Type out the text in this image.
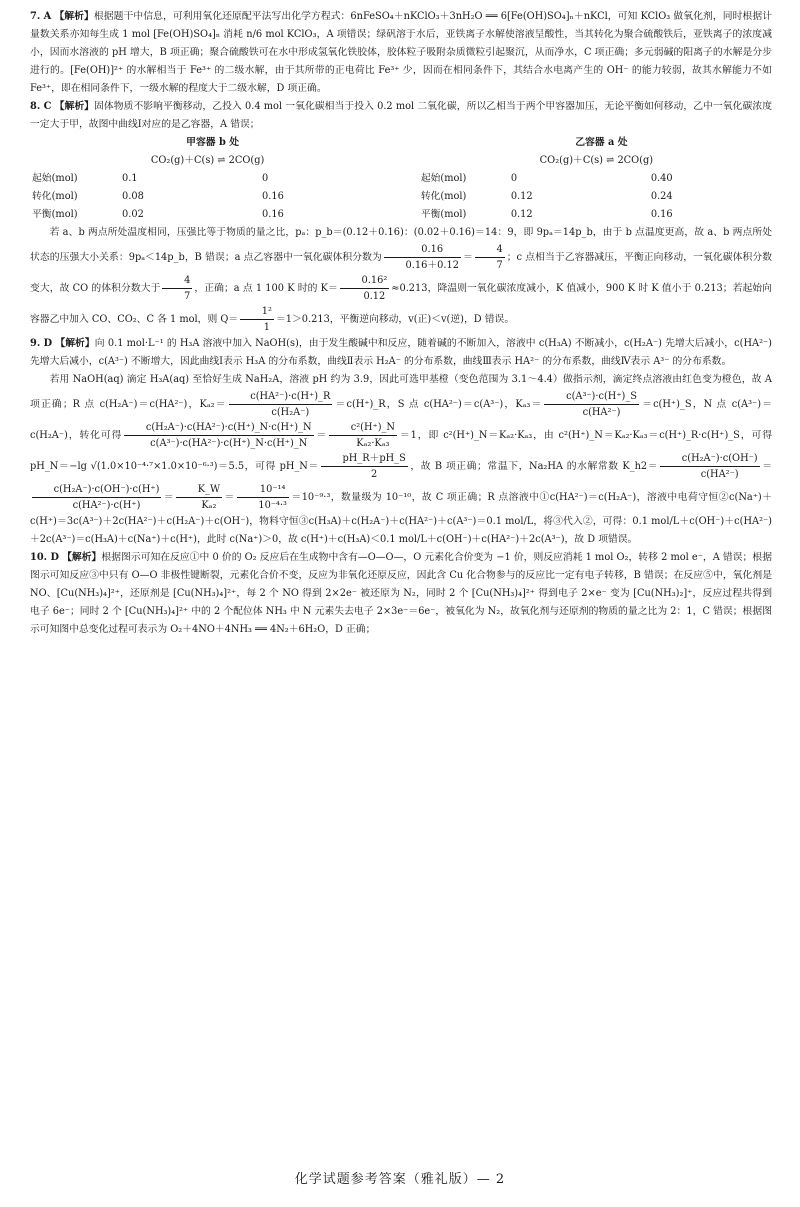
7. A 【解析】根据题干中信息，可利用氧化还原配平法写出化学方程式：6nFeSO₄＋nKClO₃＋3nH₂O ══ 6[Fe(OH)SO₄]ₙ＋nKCl，可知 KClO₃ 做氧化剂，同时根据计量数关系亦知每生成 1 mol [Fe(OH)SO₄]ₙ 消耗 n/6 mol KClO₃，A 项错误；绿矾溶于水后，亚铁离子水解使溶液呈酸性，当其转化为聚合硫酸铁后，亚铁离子的浓度减小，因而水溶液的 pH 增大，B 项正确；聚合硫酸铁可在水中形成氢氧化铁胶体，胶体粒子吸附杂质微粒引起聚沉，从而净水，C 项正确；多元弱碱的阳离子的水解是分步进行的。[Fe(OH)]²⁺ 的水解相当于 Fe³⁺ 的二级水解，由于其所带的正电荷比 Fe³⁺ 少，因而在相同条件下，其结合水电离产生的 OH⁻ 的能力较弱，故其水解能力不如 Fe³⁺，即在相同条件下，一级水解的程度大于二级水解，D 项正确。

8. C 【解析】固体物质不影响平衡移动，乙投入 0.4 mol 一氧化碳相当于投入 0.2 mol 二氧化碳，所以乙相当于两个甲容器加压，无论平衡如何移动，乙中一氧化碳浓度一定大于甲，故图中曲线Ⅰ对应的是乙容器，A 错误；

甲容器 b 处
CO₂(g)＋C(s) ⇌ 2CO(g)
起始(mol)	0.1	0
转化(mol)	0.08	0.16
平衡(mol)	0.02	0.16
乙容器 a 处
CO₂(g)＋C(s) ⇌ 2CO(g)
起始(mol)	0	0.40
转化(mol)	0.12	0.24
平衡(mol)	0.12	0.16

若 a、b 两点所处温度相同，压强比等于物质的量之比，pₐ：p_b＝(0.12＋0.16)：(0.02＋0.16)＝14：9，即 9pₐ＝14p_b，由于 b 点温度更高，故 a、b 两点所处状态的压强大小关系：9pₐ＜14p_b，B 错误；a 点乙容器中一氧化碳体积分数为 $\frac{0.16}{0.16+0.12} = \frac{4}{7}$ ；c 点相当于乙容器减压，平衡正向移动，一氧化碳体积分数变大，故 CO 的体积分数大于 $\frac{4}{7}$ ，正确；a 点 1 100 K 时的 $K= \frac{\text{0.16²}}{0.12} \approx 0.213$，降温则一氧化碳浓度减小，K 值减小，900 K 时 K 值小于 0.213；若起始向容器乙中加入 CO、CO₂、C 各 1 mol，则 $Q= \frac{\text{1²}}{1} =1>0.213$，平衡逆向移动，v(正)＜v(逆)，D 错误。

9. D 【解析】向 0.1 mol·L⁻¹ 的 H₃A 溶液中加入 NaOH(s)，由于发生酸碱中和反应，随着碱的不断加入，溶液中 c(H₃A) 不断减小，c(H₂A⁻) 先增大后减小，c(HA²⁻) 先增大后减小，c(A³⁻) 不断增大，因此曲线Ⅰ表示 H₃A 的分布系数，曲线Ⅱ表示 H₂A⁻ 的分布系数，曲线Ⅲ表示 HA²⁻ 的分布系数，曲线Ⅳ表示 A³⁻ 的分布系数。

若用 NaOH(aq) 滴定 H₃A(aq) 至恰好生成 NaH₂A，溶液 pH 约为 3.9，因此可选甲基橙（变色范围为 3.1～4.4）做指示剂，滴定终点溶液由红色变为橙色，故 A 项正确；R 点 c(H₂A⁻)＝c(HA²⁻)，$K_{a2}= \frac{\text{c(HA²⁻)·c(H⁺)\_R}}{\text{c(H₂A⁻)}}$ ＝c(H⁺)_R，S 点 c(HA²⁻)＝c(A³⁻)，$K_{a3}= \frac{\text{c(A³⁻)·c(H⁺)\_S}}{\text{c(HA²⁻)}}$ ＝c(H⁺)_S，N 点 c(A³⁻)＝c(H₂A⁻)，转化可得 $\frac{\text{c(H₂A⁻)·c(HA²⁻)·c(H⁺)\_N·c(H⁺)\_N}}{\text{c(A³⁻)·c(HA²⁻)·c(H⁺)\_N·c(H⁺)\_N}} = \frac{\text{c²(H⁺)\_N}}{\text{Kₐ₂·Kₐ₃}} =1$，即 c²(H⁺)_N＝Kₐ₂·Kₐ₃，由 c²(H⁺)_N＝Kₐ₂·Kₐ₃＝c(H⁺)_R·c(H⁺)_S，可得 pH_N＝−lg √(1.0×10⁻⁴·⁷×1.0×10⁻⁶·³)＝5.5，可得 pH_N＝ $\frac{pH\_R+pH\_S}{2}$ ，故 B 项正确；常温下，Na₂HA 的水解常数 K_h2＝ $\frac{\text{c(H₂A⁻)·c(OH⁻)}}{\text{c(HA²⁻)}}$ ＝
$\frac{\text{c(H₂A⁻)·c(OH⁻)·c(H⁺)}}{\text{c(HA²⁻)·c(H⁺)}} = \frac{K\_W}{\text{Kₐ₂}} = \frac{\text{10⁻¹⁴}}{\text{10⁻⁴·³}} =10^{-9}\cdot^3$，数量级为 10⁻¹⁰，故 C 项正确；R 点溶液中①c(HA²⁻)＝c(H₂A⁻)，溶液中电荷守恒②c(Na⁺)＋c(H⁺)＝3c(A³⁻)＋2c(HA²⁻)＋c(H₂A⁻)＋c(OH⁻)，物料守恒③c(H₃A)＋c(H₂A⁻)＋c(HA²⁻)＋c(A³⁻)＝0.1 mol/L，将③代入②，可得：0.1 mol/L＋c(OH⁻)＋c(HA²⁻)＋2c(A³⁻)＝c(H₃A)＋c(Na⁺)＋c(H⁺)，此时 c(Na⁺)＞0，故 c(H⁺)＋c(H₃A)＜0.1 mol/L＋c(OH⁻)＋c(HA²⁻)＋2c(A³⁻)，故 D 项错误。

10. D 【解析】根据图示可知在反应①中 0 价的 O₂ 反应后在生成物中含有—O—O—，O 元素化合价变为 −1 价，则反应消耗 1 mol O₂，转移 2 mol e⁻，A 错误；根据图示可知反应③中只有 O—O 非极性键断裂，元素化合价不变，反应为非氧化还原反应，因此含 Cu 化合物参与的反应比一定有电子转移，B 错误；在反应⑤中，氧化剂是 NO、[Cu(NH₃)₄]²⁺，还原剂是 [Cu(NH₃)₄]²⁺，每 2 个 NO 得到 2×2e⁻ 被还原为 N₂，同时 2 个 [Cu(NH₃)₄]²⁺ 得到电子 2×e⁻ 变为 [Cu(NH₃)₂]⁺，反应过程共得到电子 6e⁻；同时 2 个 [Cu(NH₃)₄]²⁺ 中的 2 个配位体 NH₃ 中 N 元素失去电子 2×3e⁻＝6e⁻，被氧化为 N₂，故氧化剂与还原剂的物质的量之比为 2：1，C 错误；根据图示可知图中总变化过程可表示为 O₂＋4NO＋4NH₃ ══ 4N₂＋6H₂O，D 正确；

化学试题参考答案（雅礼版）— 2
